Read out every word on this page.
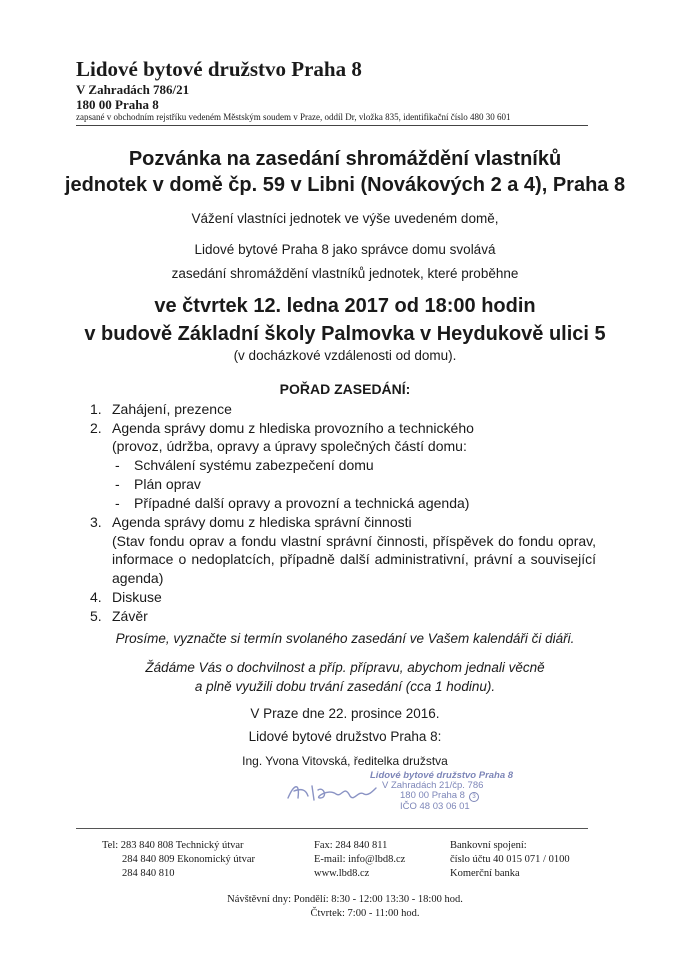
Lidové bytové družstvo Praha 8
V Zahradách 786/21
180 00 Praha 8
zapsané v obchodním rejstříku vedeném Městským soudem v Praze, oddíl Dr, vložka 835, identifikační číslo 480 30 601
Pozvánka na zasedání shromáždění vlastníků
jednotek v domě čp. 59 v Libni (Novákových 2 a 4), Praha 8
Vážení vlastníci jednotek ve výše uvedeném domě,
Lidové bytové Praha 8 jako správce domu svolává
zasedání shromáždění vlastníků jednotek, které proběhne
ve čtvrtek 12. ledna 2017 od 18:00 hodin
v budově Základní školy Palmovka v Heydukově ulici 5
(v docházkové vzdálenosti od domu).
POŘAD ZASEDÁNÍ:
1. Zahájení, prezence
2. Agenda správy domu z hlediska provozního a technického
(provoz, údržba, opravy a úpravy společných částí domu:
- Schválení systému zabezpečení domu
- Plán oprav
- Případné další opravy a provozní a technická agenda)
3. Agenda správy domu z hlediska správní činnosti
(Stav fondu oprav a fondu vlastní správní činnosti, příspěvek do fondu oprav,
informace o nedoplatcích, případně další administrativní, právní a související
agenda)
4. Diskuse
5. Závěr
Prosíme, vyznačte si termín svolaného zasedání ve Vašem kalendáři či diáři.
Žádáme Vás o dochvilnost a příp. přípravu, abychom jednali věcně
a plně využili dobu trvání zasedání (cca 1 hodinu).
V Praze dne 22. prosince 2016.
Lidové bytové družstvo Praha 8:
Ing. Yvona Vitovská, ředitelka družstva
Lidové bytové družstvo Praha 8
V Zahradách 21/čp. 786
180 00 Praha 8 3
IČO 48 03 06 01
Tel: 283 840 808 Technický útvar
284 840 809 Ekonomický útvar
284 840 810
Fax: 284 840 811
E-mail: info@lbd8.cz
www.lbd8.cz
Bankovní spojení:
číslo účtu 40 015 071 / 0100
Komerční banka
Návštěvní dny: Pondělí: 8:30 - 12:00 13:30 - 18:00 hod.
Čtvrtek: 7:00 - 11:00 hod.
